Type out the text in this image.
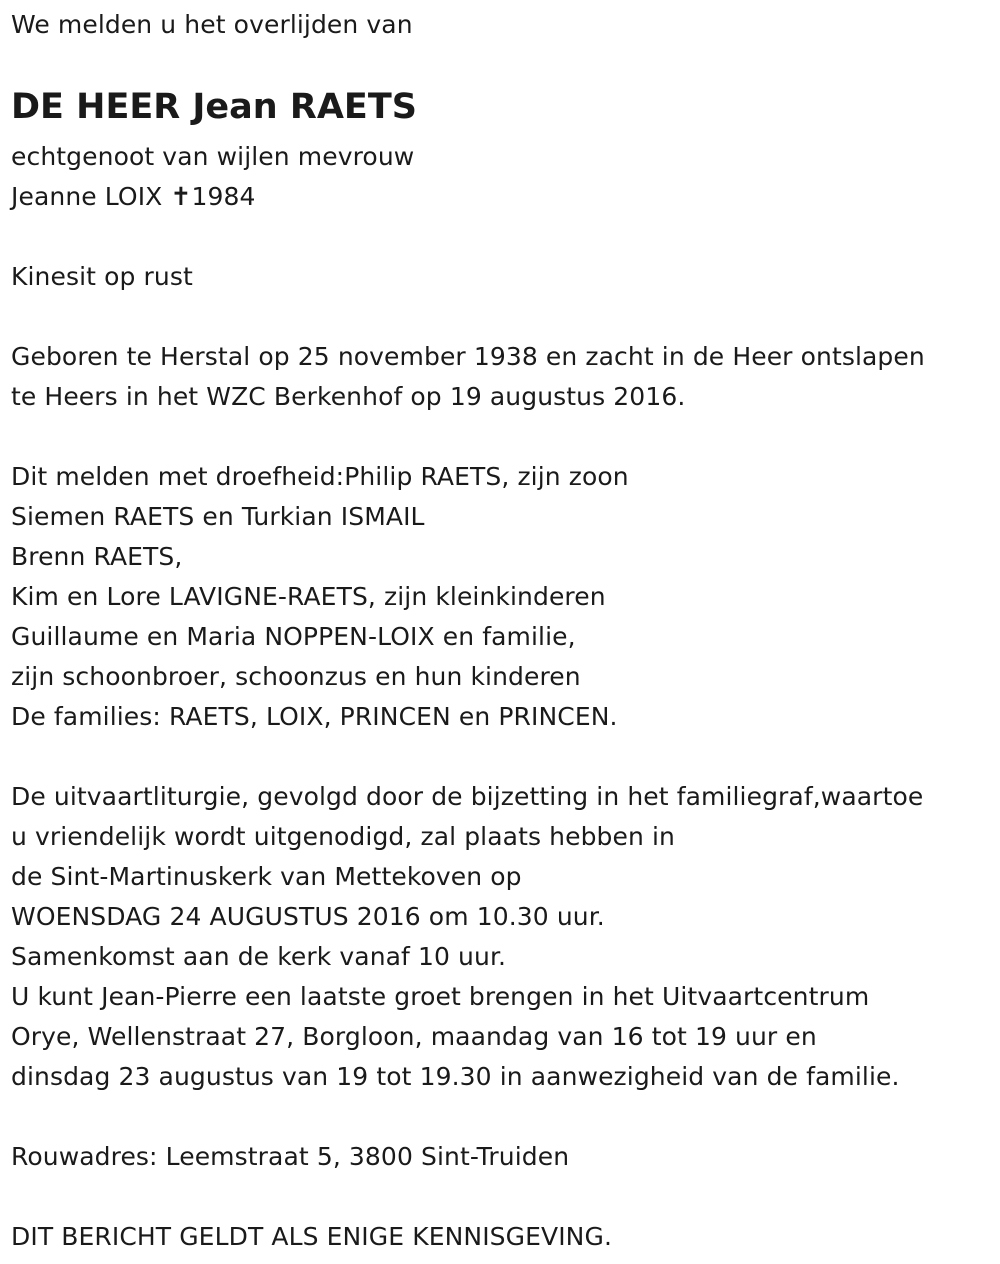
We melden u het overlijden van
DE HEER Jean RAETS
echtgenoot van wijlen mevrouw
Jeanne LOIX ✝1984
Kinesit op rust
Geboren te Herstal op 25 november 1938 en zacht in de Heer ontslapen
te Heers in het WZC Berkenhof op 19 augustus 2016.
Dit melden met droefheid:Philip RAETS, zijn zoon
Siemen RAETS en Turkian ISMAIL
Brenn RAETS,
Kim en Lore LAVIGNE-RAETS, zijn kleinkinderen
Guillaume en Maria NOPPEN-LOIX en familie,
zijn schoonbroer, schoonzus en hun kinderen
De families: RAETS, LOIX, PRINCEN en PRINCEN.
De uitvaartliturgie, gevolgd door de bijzetting in het familiegraf,waartoe
u vriendelijk wordt uitgenodigd, zal plaats hebben in
de Sint-Martinuskerk van Mettekoven op
WOENSDAG 24 AUGUSTUS 2016 om 10.30 uur.
Samenkomst aan de kerk vanaf 10 uur.
U kunt Jean-Pierre een laatste groet brengen in het Uitvaartcentrum
Orye, Wellenstraat 27, Borgloon, maandag van 16 tot 19 uur en
dinsdag 23 augustus van 19 tot 19.30 in aanwezigheid van de familie.
Rouwadres: Leemstraat 5, 3800 Sint-Truiden
DIT BERICHT GELDT ALS ENIGE KENNISGEVING.
